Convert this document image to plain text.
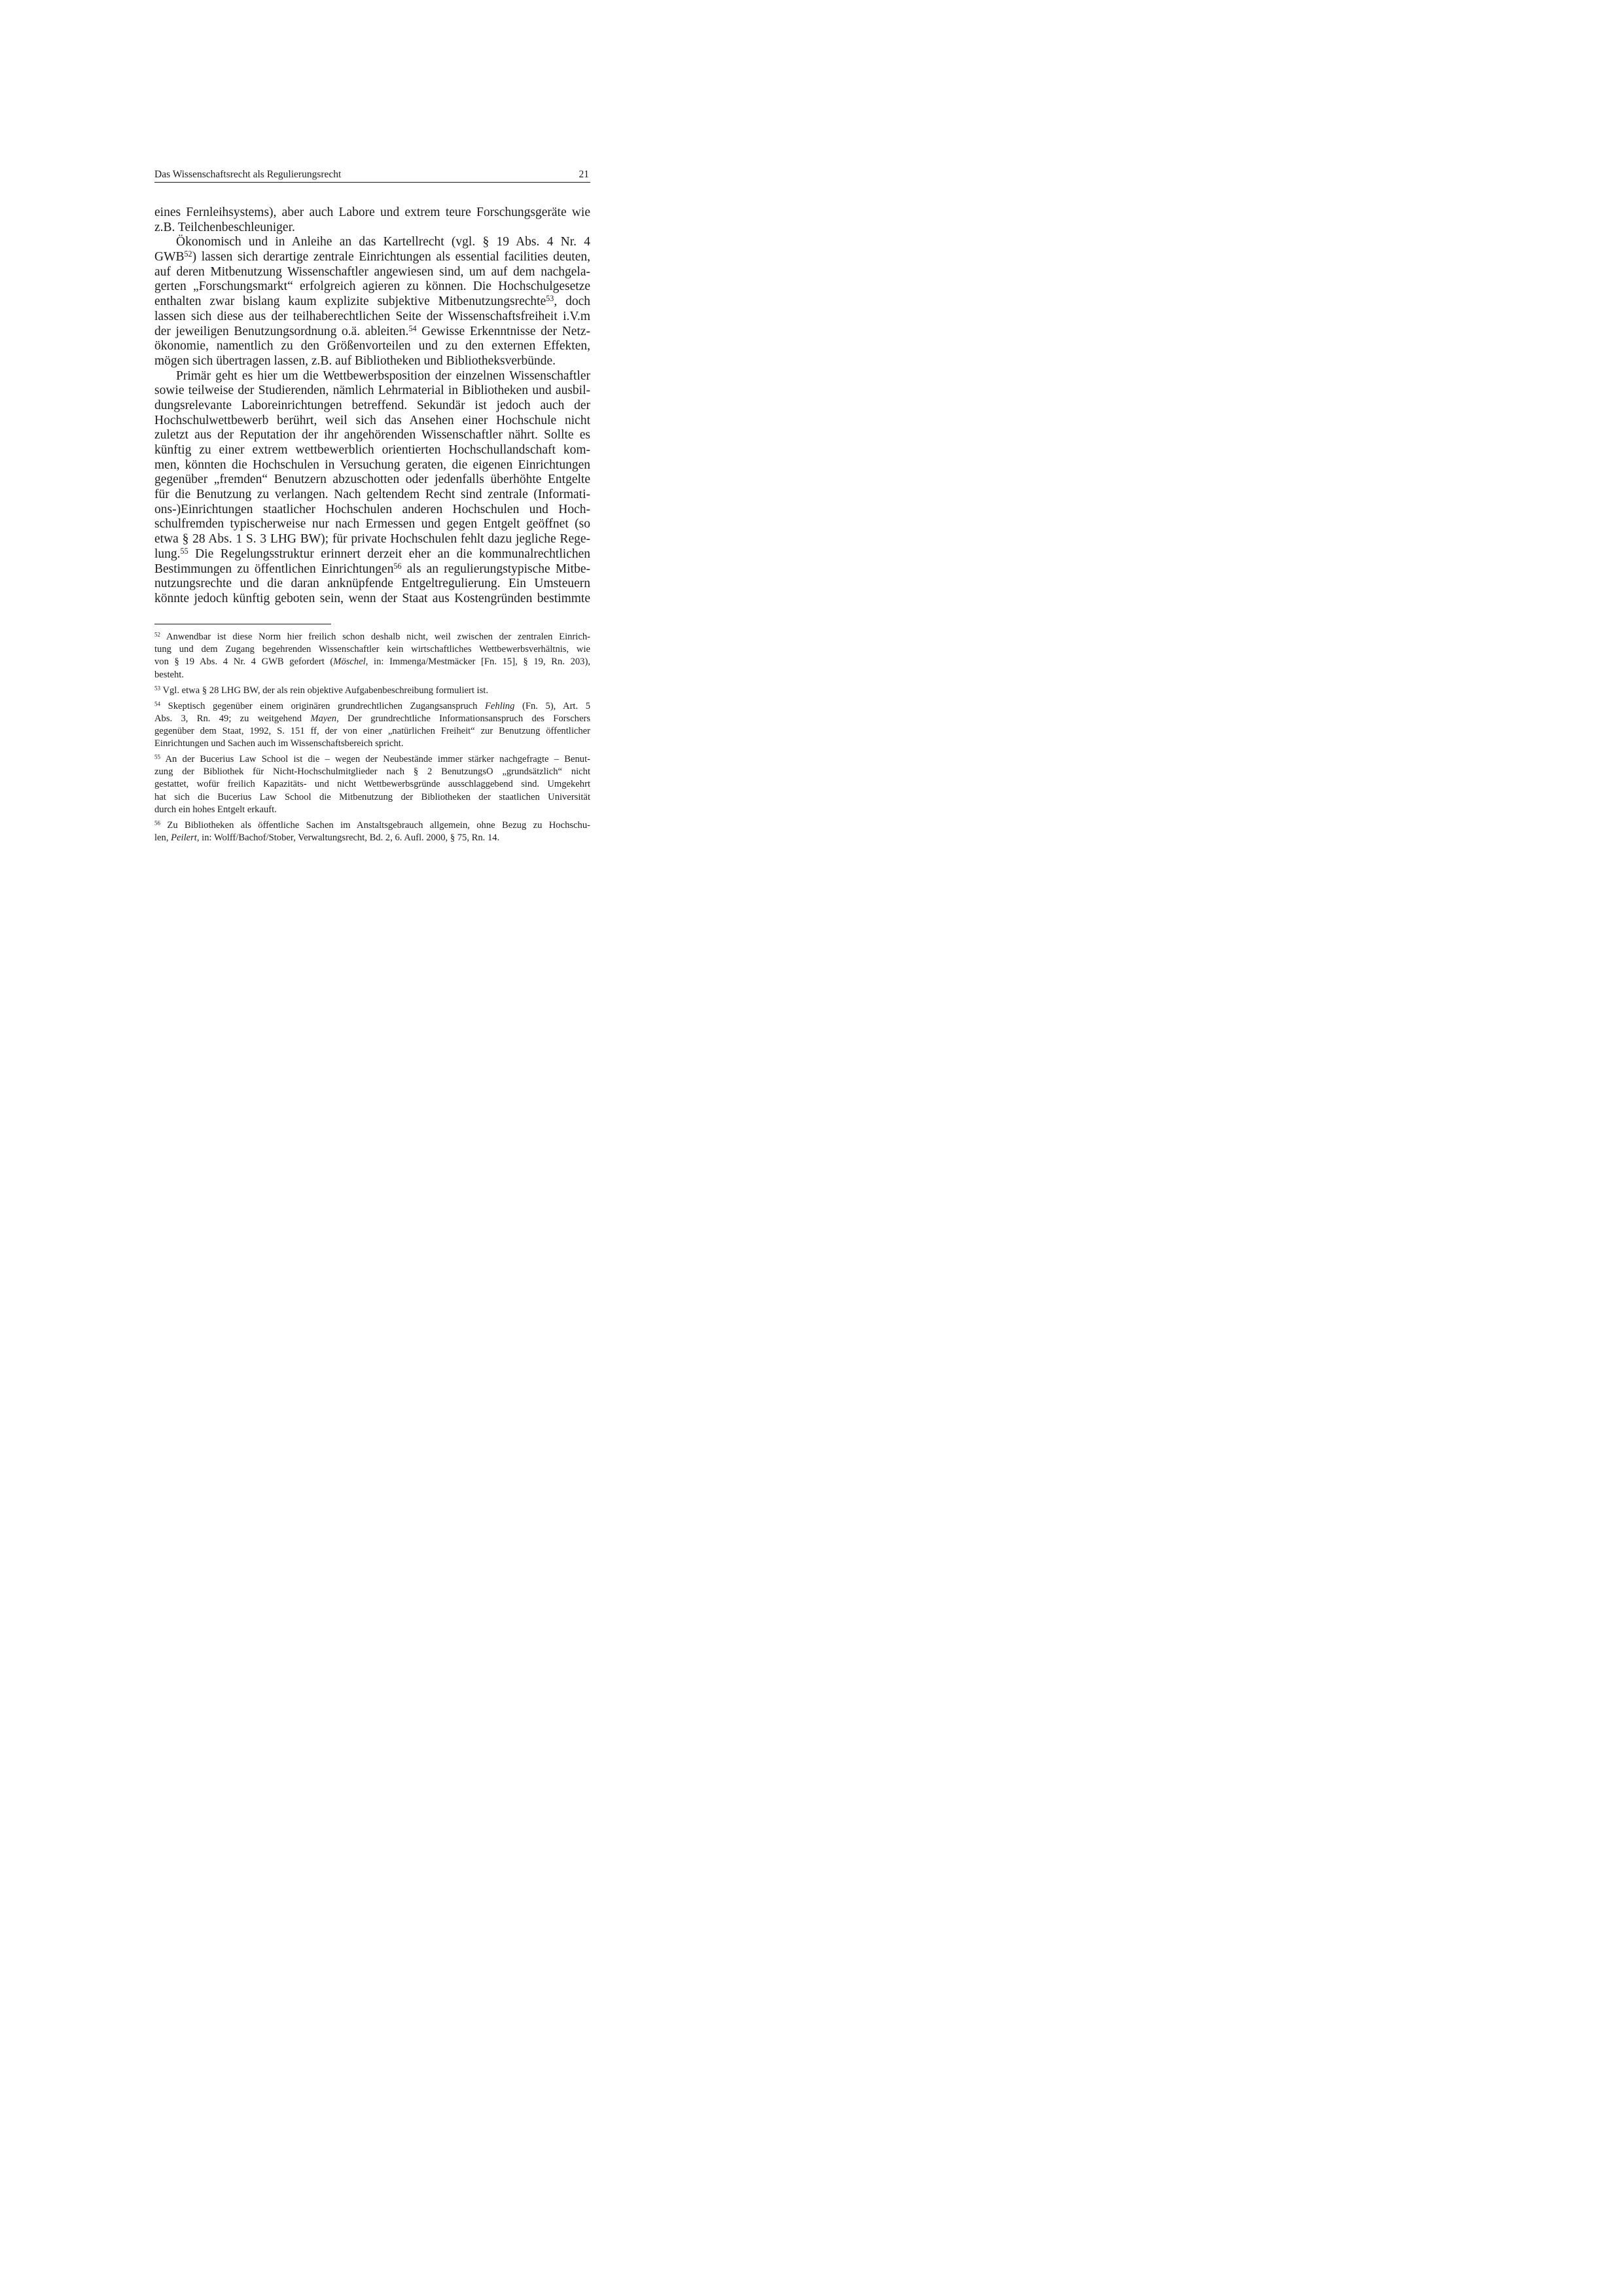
Das Wissenschaftsrecht als Regulierungsrecht	21
eines Fernleihsystems), aber auch Labore und extrem teure Forschungsgeräte wie
z.B. Teilchenbeschleuniger.
Ökonomisch und in Anleihe an das Kartellrecht (vgl. § 19 Abs. 4 Nr. 4
GWB$^{52}$) lassen sich derartige zentrale Einrichtungen als essential facilities deuten,
auf deren Mitbenutzung Wissenschaftler angewiesen sind, um auf dem nachgela-
gerten „Forschungsmarkt“ erfolgreich agieren zu können. Die Hochschulgesetze
enthalten zwar bislang kaum explizite subjektive Mitbenutzungsrechte$^{53}$, doch
lassen sich diese aus der teilhaberechtlichen Seite der Wissenschaftsfreiheit i.V.m
der jeweiligen Benutzungsordnung o.ä. ableiten.$^{54}$ Gewisse Erkenntnisse der Netz-
ökonomie, namentlich zu den Größenvorteilen und zu den externen Effekten,
mögen sich übertragen lassen, z.B. auf Bibliotheken und Bibliotheksverbünde.
Primär geht es hier um die Wettbewerbsposition der einzelnen Wissenschaftler
sowie teilweise der Studierenden, nämlich Lehrmaterial in Bibliotheken und ausbil-
dungsrelevante Laboreinrichtungen betreffend. Sekundär ist jedoch auch der
Hochschulwettbewerb berührt, weil sich das Ansehen einer Hochschule nicht
zuletzt aus der Reputation der ihr angehörenden Wissenschaftler nährt. Sollte es
künftig zu einer extrem wettbewerblich orientierten Hochschullandschaft kom-
men, könnten die Hochschulen in Versuchung geraten, die eigenen Einrichtungen
gegenüber „fremden“ Benutzern abzuschotten oder jedenfalls überhöhte Entgelte
für die Benutzung zu verlangen. Nach geltendem Recht sind zentrale (Informati-
ons-)Einrichtungen staatlicher Hochschulen anderen Hochschulen und Hoch-
schulfremden typischerweise nur nach Ermessen und gegen Entgelt geöffnet (so
etwa § 28 Abs. 1 S. 3 LHG BW); für private Hochschulen fehlt dazu jegliche Rege-
lung.$^{55}$ Die Regelungsstruktur erinnert derzeit eher an die kommunalrechtlichen
Bestimmungen zu öffentlichen Einrichtungen$^{56}$ als an regulierungstypische Mitbe-
nutzungsrechte und die daran anknüpfende Entgeltregulierung. Ein Umsteuern
könnte jedoch künftig geboten sein, wenn der Staat aus Kostengründen bestimmte
$^{52}$ Anwendbar ist diese Norm hier freilich schon deshalb nicht, weil zwischen der zentralen Einrich-
tung und dem Zugang begehrenden Wissenschaftler kein wirtschaftliches Wettbewerbsverhältnis, wie
von § 19 Abs. 4 Nr. 4 GWB gefordert (Möschel, in: Immenga/Mestmäcker [Fn. 15], § 19, Rn. 203),
besteht.
$^{53}$ Vgl. etwa § 28 LHG BW, der als rein objektive Aufgabenbeschreibung formuliert ist.
$^{54}$ Skeptisch gegenüber einem originären grundrechtlichen Zugangsanspruch Fehling (Fn. 5), Art. 5
Abs. 3, Rn. 49; zu weitgehend Mayen, Der grundrechtliche Informationsanspruch des Forschers
gegenüber dem Staat, 1992, S. 151 ff, der von einer „natürlichen Freiheit“ zur Benutzung öffentlicher
Einrichtungen und Sachen auch im Wissenschaftsbereich spricht.
$^{55}$ An der Bucerius Law School ist die – wegen der Neubestände immer stärker nachgefragte – Benut-
zung der Bibliothek für Nicht-Hochschulmitglieder nach § 2 BenutzungsO „grundsätzlich“ nicht
gestattet, wofür freilich Kapazitäts- und nicht Wettbewerbsgründe ausschlaggebend sind. Umgekehrt
hat sich die Bucerius Law School die Mitbenutzung der Bibliotheken der staatlichen Universität
durch ein hohes Entgelt erkauft.
$^{56}$ Zu Bibliotheken als öffentliche Sachen im Anstaltsgebrauch allgemein, ohne Bezug zu Hochschu-
len, Peilert, in: Wolff/Bachof/Stober, Verwaltungsrecht, Bd. 2, 6. Aufl. 2000, § 75, Rn. 14.
